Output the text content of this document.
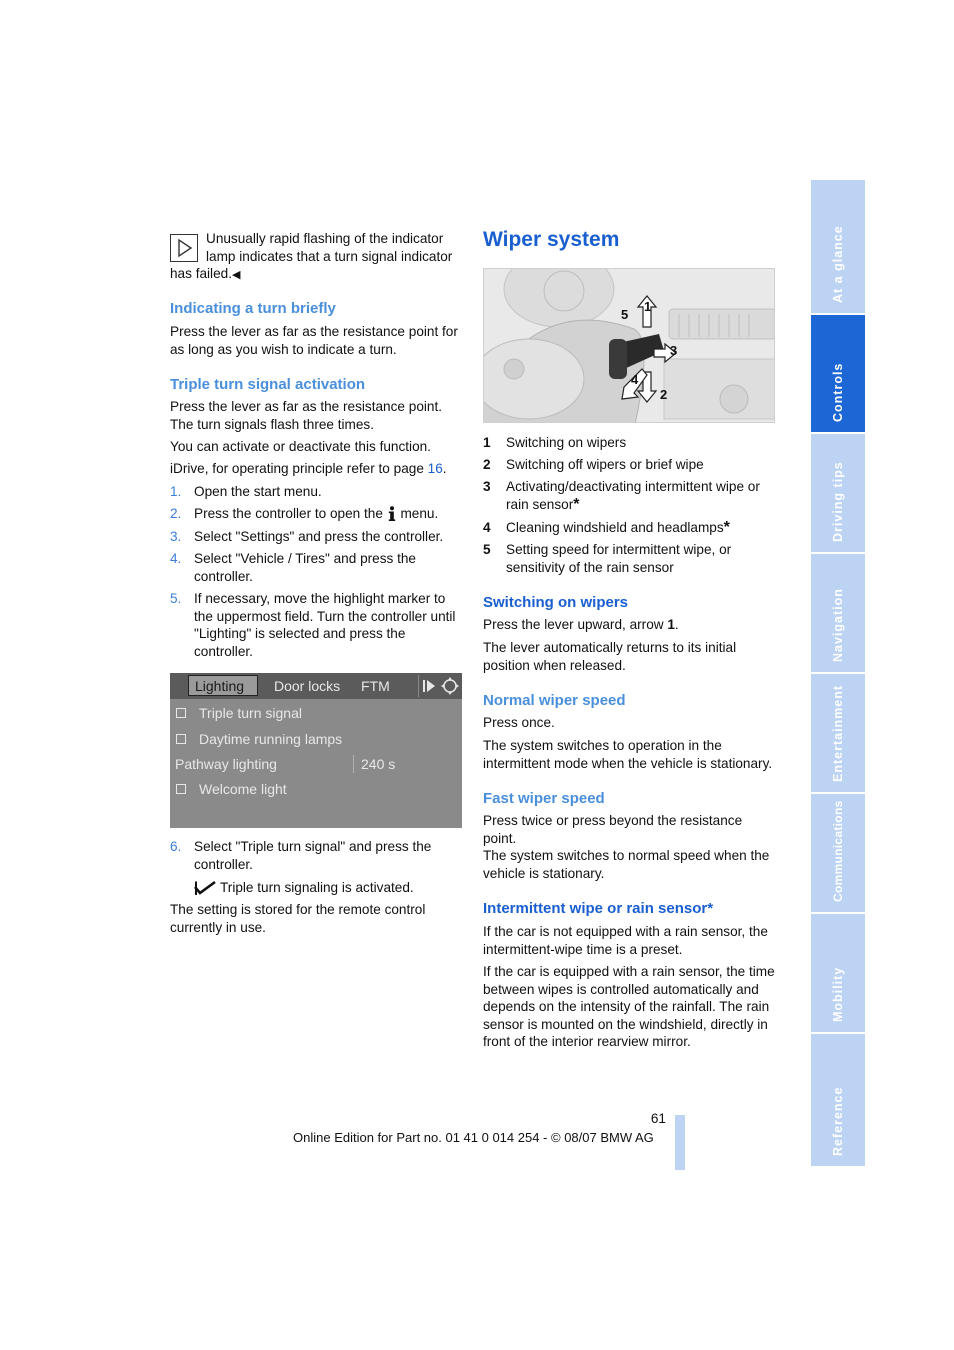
Unusually rapid flashing of the indicator lamp indicates that a turn signal indicator has failed.◀
Indicating a turn briefly
Press the lever as far as the resistance point for as long as you wish to indicate a turn.
Triple turn signal activation
Press the lever as far as the resistance point. The turn signals flash three times.
You can activate or deactivate this function.
iDrive, for operating principle refer to page 16.
1. Open the start menu.
2. Press the controller to open the  menu.
3. Select "Settings" and press the controller.
4. Select "Vehicle / Tires" and press the controller.
5. If necessary, move the highlight marker to the uppermost field. Turn the controller until "Lighting" is selected and press the controller.
Lighting Door locks FTM
Triple turn signal
Daytime running lamps
Pathway lighting	240 s
Welcome light
6. Select "Triple turn signal" and press the controller.
Triple turn signaling is activated.
The setting is stored for the remote control currently in use.
Wiper system
1
2
3
4
5
1 Switching on wipers
2 Switching off wipers or brief wipe
3 Activating/deactivating intermittent wipe or rain sensor*
4 Cleaning windshield and headlamps*
5 Setting speed for intermittent wipe, or sensitivity of the rain sensor
Switching on wipers
Press the lever upward, arrow 1.
The lever automatically returns to its initial position when released.
Normal wiper speed
Press once.
The system switches to operation in the intermittent mode when the vehicle is stationary.
Fast wiper speed
Press twice or press beyond the resistance point.
The system switches to normal speed when the vehicle is stationary.
Intermittent wipe or rain sensor*
If the car is not equipped with a rain sensor, the intermittent-wipe time is a preset.
If the car is equipped with a rain sensor, the time between wipes is controlled automatically and depends on the intensity of the rainfall. The rain sensor is mounted on the windshield, directly in front of the interior rearview mirror.
At a glance
Controls
Driving tips
Navigation
Entertainment
Communications
Mobility
Reference
61
Online Edition for Part no. 01 41 0 014 254 - © 08/07 BMW AG
